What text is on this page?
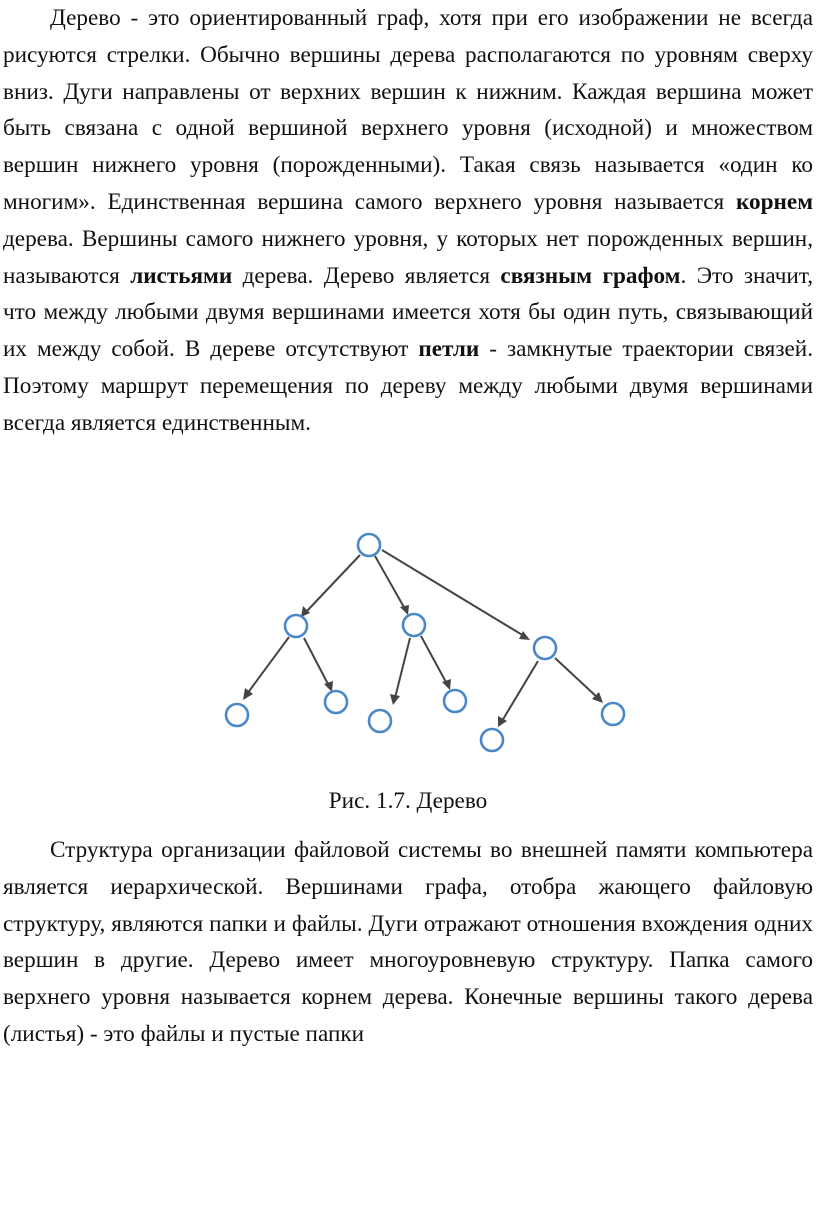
Дерево - это ориентированный граф, хотя при его изображении не всегда рисуются стрелки. Обычно вершины дерева располагаются по уровням сверху вниз. Дуги направлены от верхних вершин к нижним. Каждая вершина может быть связана с одной вершиной верхнего уровня (исходной) и множеством вершин нижнего уровня (порожденными). Такая связь называется «один ко многим». Единственная вершина самого верхнего уровня называется корнем дерева. Вершины самого нижнего уровня, у которых нет порожденных вершин, называются листьями дерева. Дерево является связным графом. Это значит, что между любыми двумя вершинами имеется хотя бы один путь, связывающий их между собой. В дереве отсутствуют петли - замкнутые траектории связей. Поэтому маршрут перемещения по дереву между любыми двумя вершинами всегда является единственным.

Рис. 1.7. Дерево

Структура организации файловой системы во внешней памяти компьютера является иерархической. Вершинами графа, отобра жающего файловую структуру, являются папки и файлы. Дуги отражают отношения вхождения одних вершин в другие. Дерево имеет многоуровневую структуру. Папка самого верхнего уровня называется корнем дерева. Конечные вершины такого дерева (листья) - это файлы и пустые папки
